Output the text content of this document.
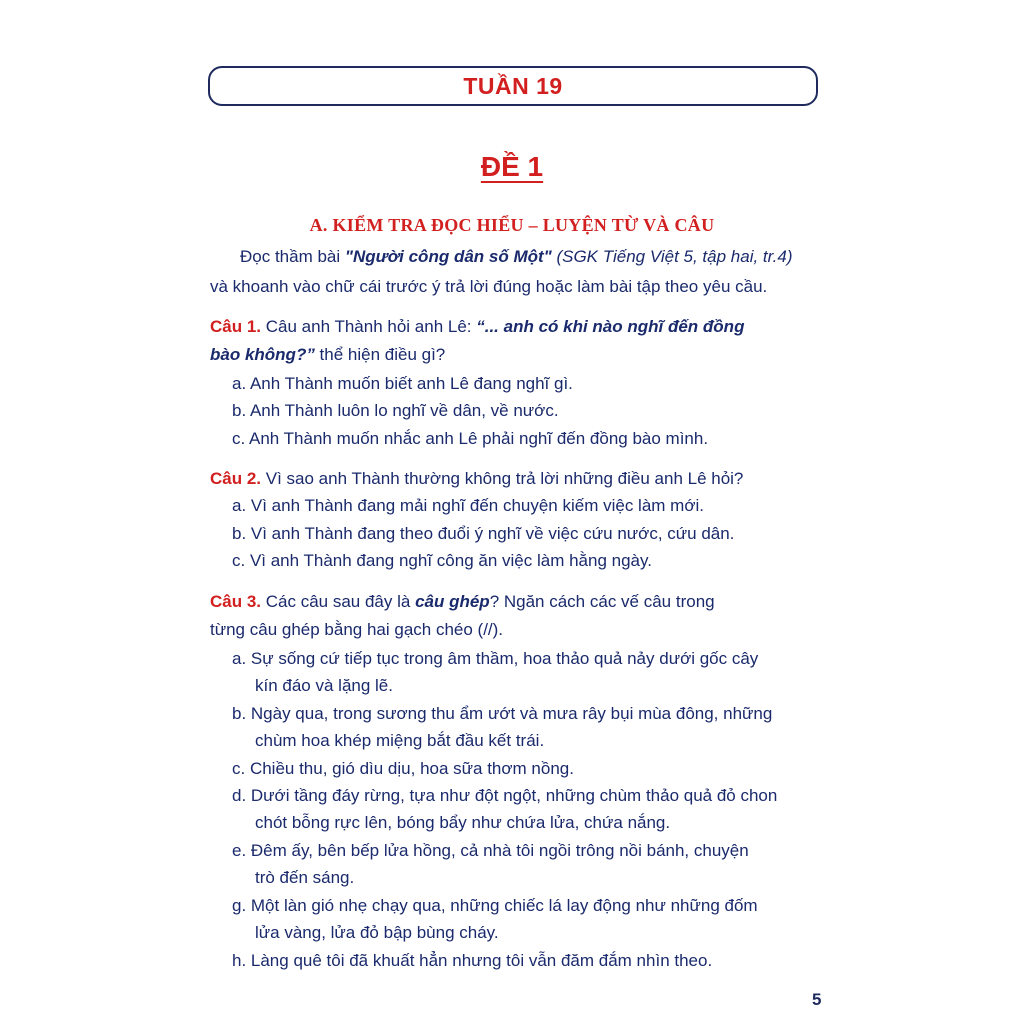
TUẦN 19
ĐỀ 1
A. KIỂM TRA ĐỌC HIỂU – LUYỆN TỪ VÀ CÂU
Đọc thầm bài "Người công dân số Một" (SGK Tiếng Việt 5, tập hai, tr.4)
và khoanh vào chữ cái trước ý trả lời đúng hoặc làm bài tập theo yêu cầu.
Câu 1. Câu anh Thành hỏi anh Lê: “... anh có khi nào nghĩ đến đồng
bào không?” thể hiện điều gì?
a. Anh Thành muốn biết anh Lê đang nghĩ gì.
b. Anh Thành luôn lo nghĩ về dân, về nước.
c. Anh Thành muốn nhắc anh Lê phải nghĩ đến đồng bào mình.
Câu 2. Vì sao anh Thành thường không trả lời những điều anh Lê hỏi?
a. Vì anh Thành đang mải nghĩ đến chuyện kiếm việc làm mới.
b. Vì anh Thành đang theo đuổi ý nghĩ về việc cứu nước, cứu dân.
c. Vì anh Thành đang nghĩ công ăn việc làm hằng ngày.
Câu 3. Các câu sau đây là câu ghép? Ngăn cách các vế câu trong
từng câu ghép bằng hai gạch chéo (//).
a. Sự sống cứ tiếp tục trong âm thầm, hoa thảo quả nảy dưới gốc cây
kín đáo và lặng lẽ.
b. Ngày qua, trong sương thu ẩm ướt và mưa rây bụi mùa đông, những
chùm hoa khép miệng bắt đầu kết trái.
c. Chiều thu, gió dìu dịu, hoa sữa thơm nồng.
d. Dưới tầng đáy rừng, tựa như đột ngột, những chùm thảo quả đỏ chon
chót bỗng rực lên, bóng bẩy như chứa lửa, chứa nắng.
e. Đêm ấy, bên bếp lửa hồng, cả nhà tôi ngồi trông nồi bánh, chuyện
trò đến sáng.
g. Một làn gió nhẹ chạy qua, những chiếc lá lay động như những đốm
lửa vàng, lửa đỏ bập bùng cháy.
h. Làng quê tôi đã khuất hẳn nhưng tôi vẫn đăm đắm nhìn theo.
5
